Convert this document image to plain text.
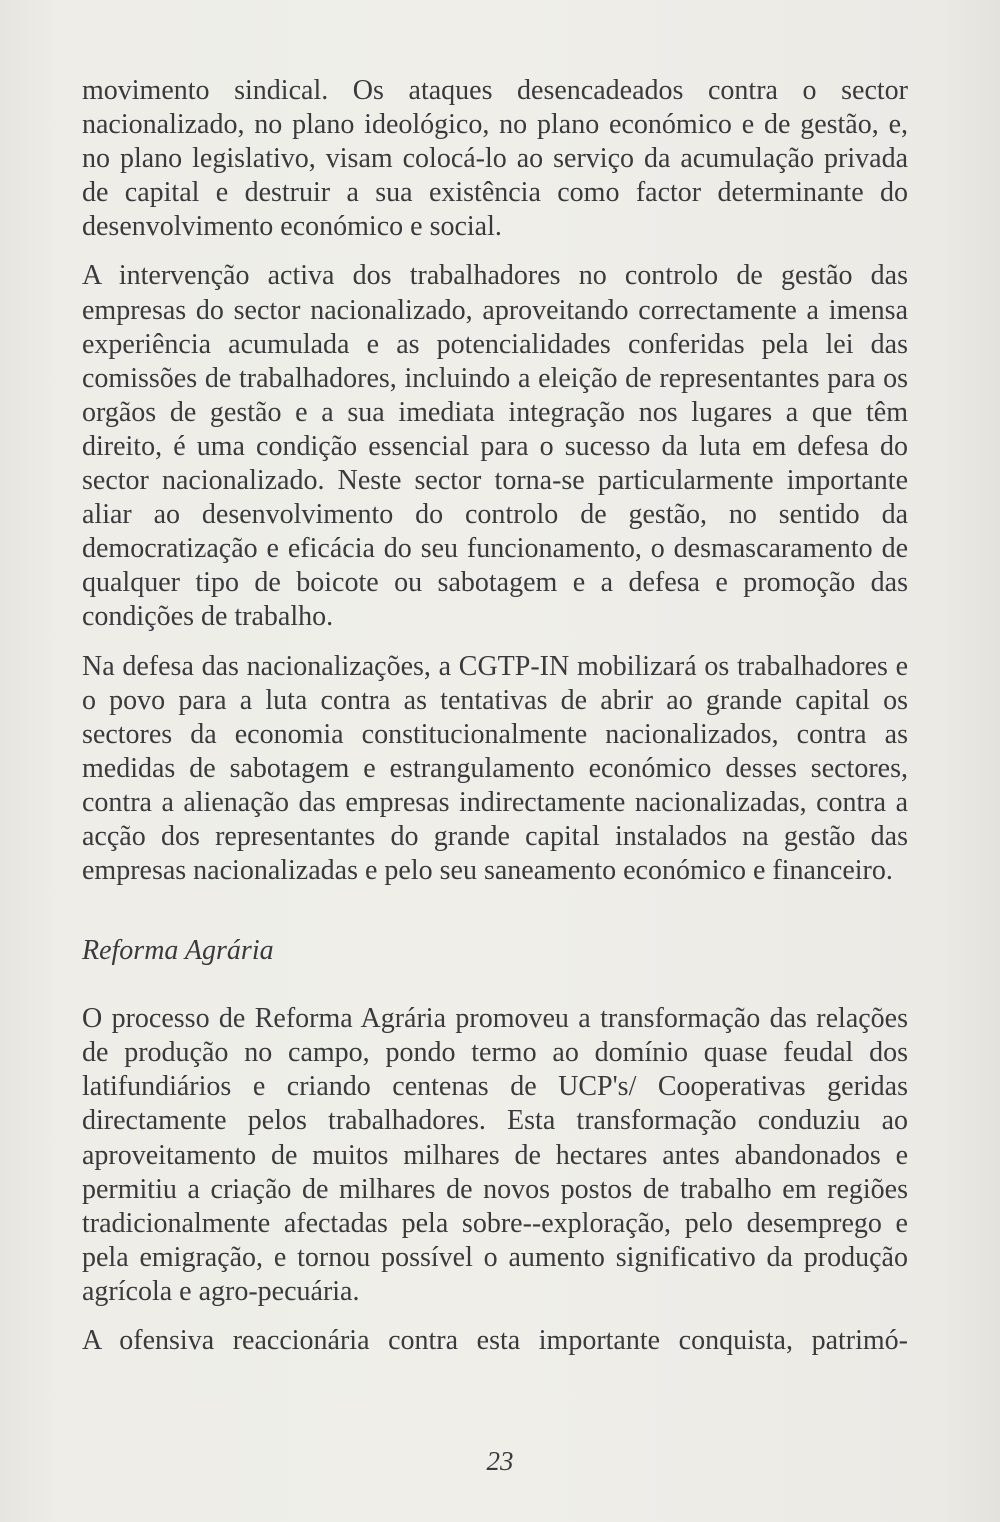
movimento sindical. Os ataques desencadeados contra o sector nacionalizado, no plano ideológico, no plano económico e de gestão, e, no plano legislativo, visam colocá-lo ao serviço da acumulação privada de capital e destruir a sua existência como factor determinante do desenvolvimento económico e social.

A intervenção activa dos trabalhadores no controlo de gestão das empresas do sector nacionalizado, aproveitando correctamente a imensa experiência acumulada e as potencialidades conferidas pela lei das comissões de trabalhadores, incluindo a eleição de representantes para os orgãos de gestão e a sua imediata integração nos lugares a que têm direito, é uma condição essencial para o sucesso da luta em defesa do sector nacionalizado. Neste sector torna-se particularmente importante aliar ao desenvolvimento do controlo de gestão, no sentido da democratização e eficácia do seu funcionamento, o desmascaramento de qualquer tipo de boicote ou sabotagem e a defesa e promoção das condições de trabalho.

Na defesa das nacionalizações, a CGTP-IN mobilizará os trabalhadores e o povo para a luta contra as tentativas de abrir ao grande capital os sectores da economia constitucionalmente nacionalizados, contra as medidas de sabotagem e estrangulamento económico desses sectores, contra a alienação das empresas indirectamente nacionalizadas, contra a acção dos representantes do grande capital instalados na gestão das empresas nacionalizadas e pelo seu saneamento económico e financeiro.

Reforma Agrária

O processo de Reforma Agrária promoveu a transformação das relações de produção no campo, pondo termo ao domínio quase feudal dos latifundiários e criando centenas de UCP's/ Cooperativas geridas directamente pelos trabalhadores. Esta transformação conduziu ao aproveitamento de muitos milhares de hectares antes abandonados e permitiu a criação de milhares de novos postos de trabalho em regiões tradicionalmente afectadas pela sobre--exploração, pelo desemprego e pela emigração, e tornou possível o aumento significativo da produção agrícola e agro-pecuária.

A ofensiva reaccionária contra esta importante conquista, patrimó-

23
